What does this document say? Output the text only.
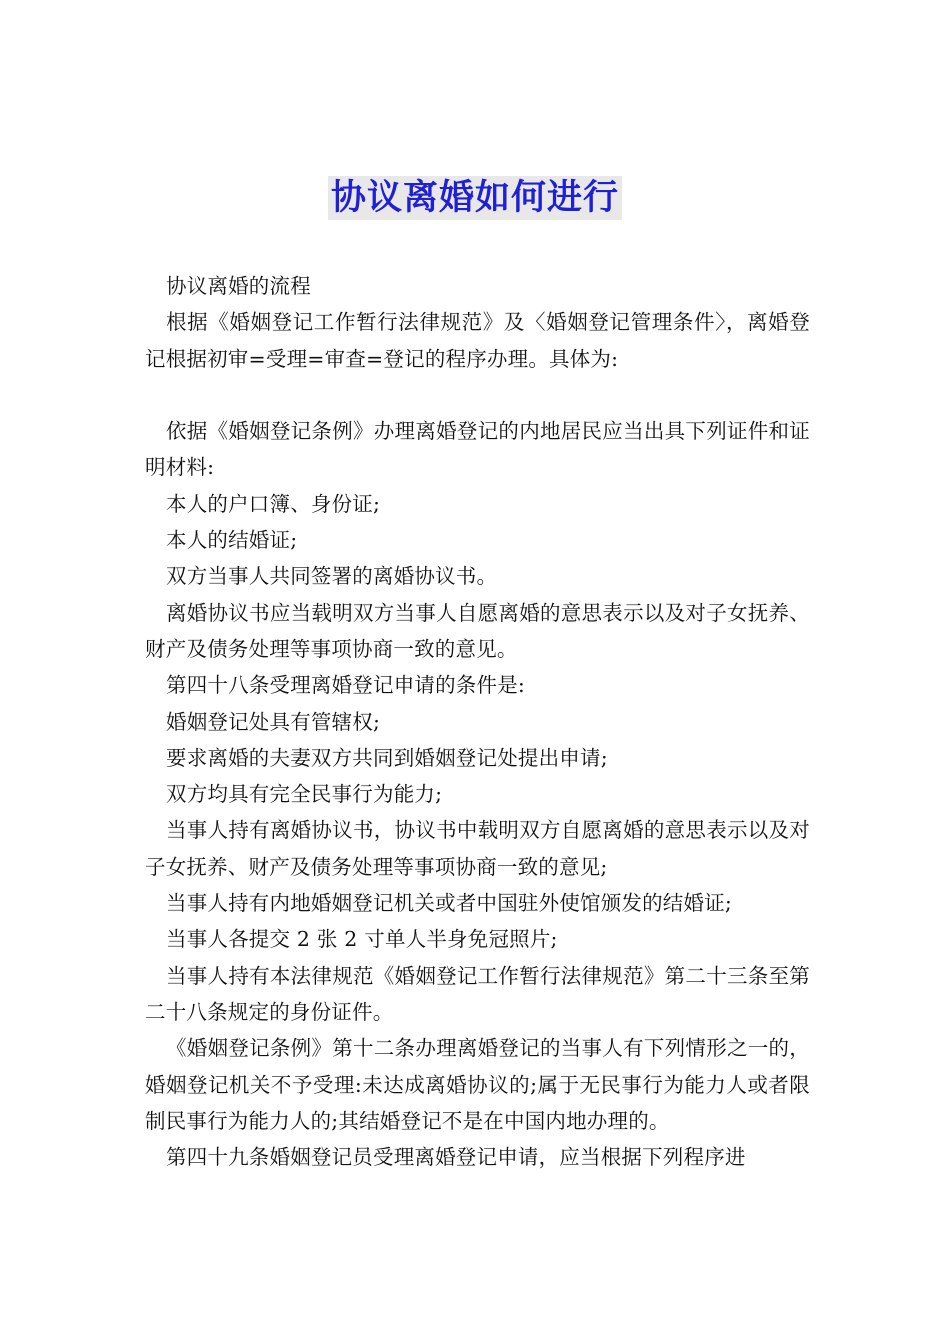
协议离婚如何进行

协议离婚的流程

根据《婚姻登记工作暂行法律规范》及〈婚姻登记管理条件〉，离婚登记根据初审=受理=审查=登记的程序办理。具体为:

依据《婚姻登记条例》办理离婚登记的内地居民应当出具下列证件和证明材料:

本人的户口簿、身份证;

本人的结婚证;

双方当事人共同签署的离婚协议书。

离婚协议书应当载明双方当事人自愿离婚的意思表示以及对子女抚养、财产及债务处理等事项协商一致的意见。

第四十八条受理离婚登记申请的条件是:

婚姻登记处具有管辖权;

要求离婚的夫妻双方共同到婚姻登记处提出申请;

双方均具有完全民事行为能力;

当事人持有离婚协议书，协议书中载明双方自愿离婚的意思表示以及对子女抚养、财产及债务处理等事项协商一致的意见;

当事人持有内地婚姻登记机关或者中国驻外使馆颁发的结婚证;

当事人各提交 2 张 2 寸单人半身免冠照片;

当事人持有本法律规范《婚姻登记工作暂行法律规范》第二十三条至第二十八条规定的身份证件。

《婚姻登记条例》第十二条办理离婚登记的当事人有下列情形之一的，婚姻登记机关不予受理:未达成离婚协议的;属于无民事行为能力人或者限制民事行为能力人的;其结婚登记不是在中国内地办理的。

第四十九条婚姻登记员受理离婚登记申请，应当根据下列程序进
